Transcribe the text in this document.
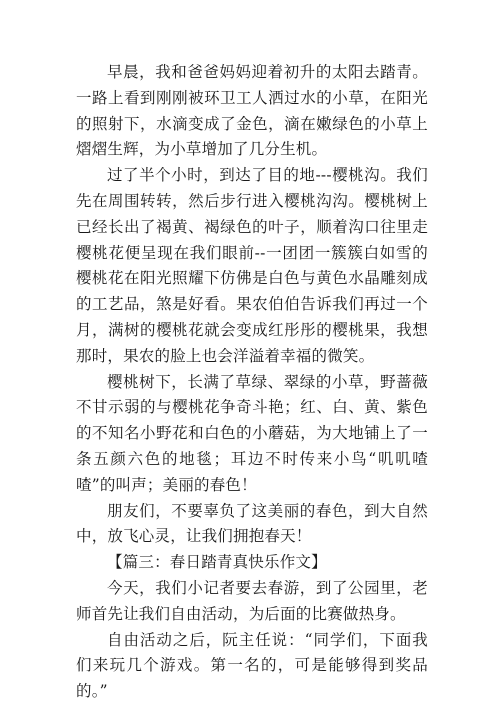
早晨，我和爸爸妈妈迎着初升的太阳去踏青。一路上看到刚刚被环卫工人洒过水的小草，在阳光的照射下，水滴变成了金色，滴在嫩绿色的小草上熠熠生辉，为小草增加了几分生机。

过了半个小时，到达了目的地---樱桃沟。我们先在周围转转，然后步行进入樱桃沟沟。樱桃树上已经长出了褐黄、褐绿色的叶子，顺着沟口往里走樱桃花便呈现在我们眼前--一团团一簇簇白如雪的樱桃花在阳光照耀下仿佛是白色与黄色水晶雕刻成的工艺品，煞是好看。果农伯伯告诉我们再过一个月，满树的樱桃花就会变成红彤彤的樱桃果，我想那时，果农的脸上也会洋溢着幸福的微笑。

樱桃树下，长满了草绿、翠绿的小草，野蔷薇不甘示弱的与樱桃花争奇斗艳；红、白、黄、紫色的不知名小野花和白色的小蘑菇，为大地铺上了一条五颜六色的地毯；耳边不时传来小鸟“叽叽喳喳”的叫声；美丽的春色！

朋友们，不要辜负了这美丽的春色，到大自然中，放飞心灵，让我们拥抱春天！

【篇三：春日踏青真快乐作文】

今天，我们小记者要去春游，到了公园里，老师首先让我们自由活动，为后面的比赛做热身。

自由活动之后，阮主任说：“同学们，下面我们来玩几个游戏。第一名的，可是能够得到奖品的。”
